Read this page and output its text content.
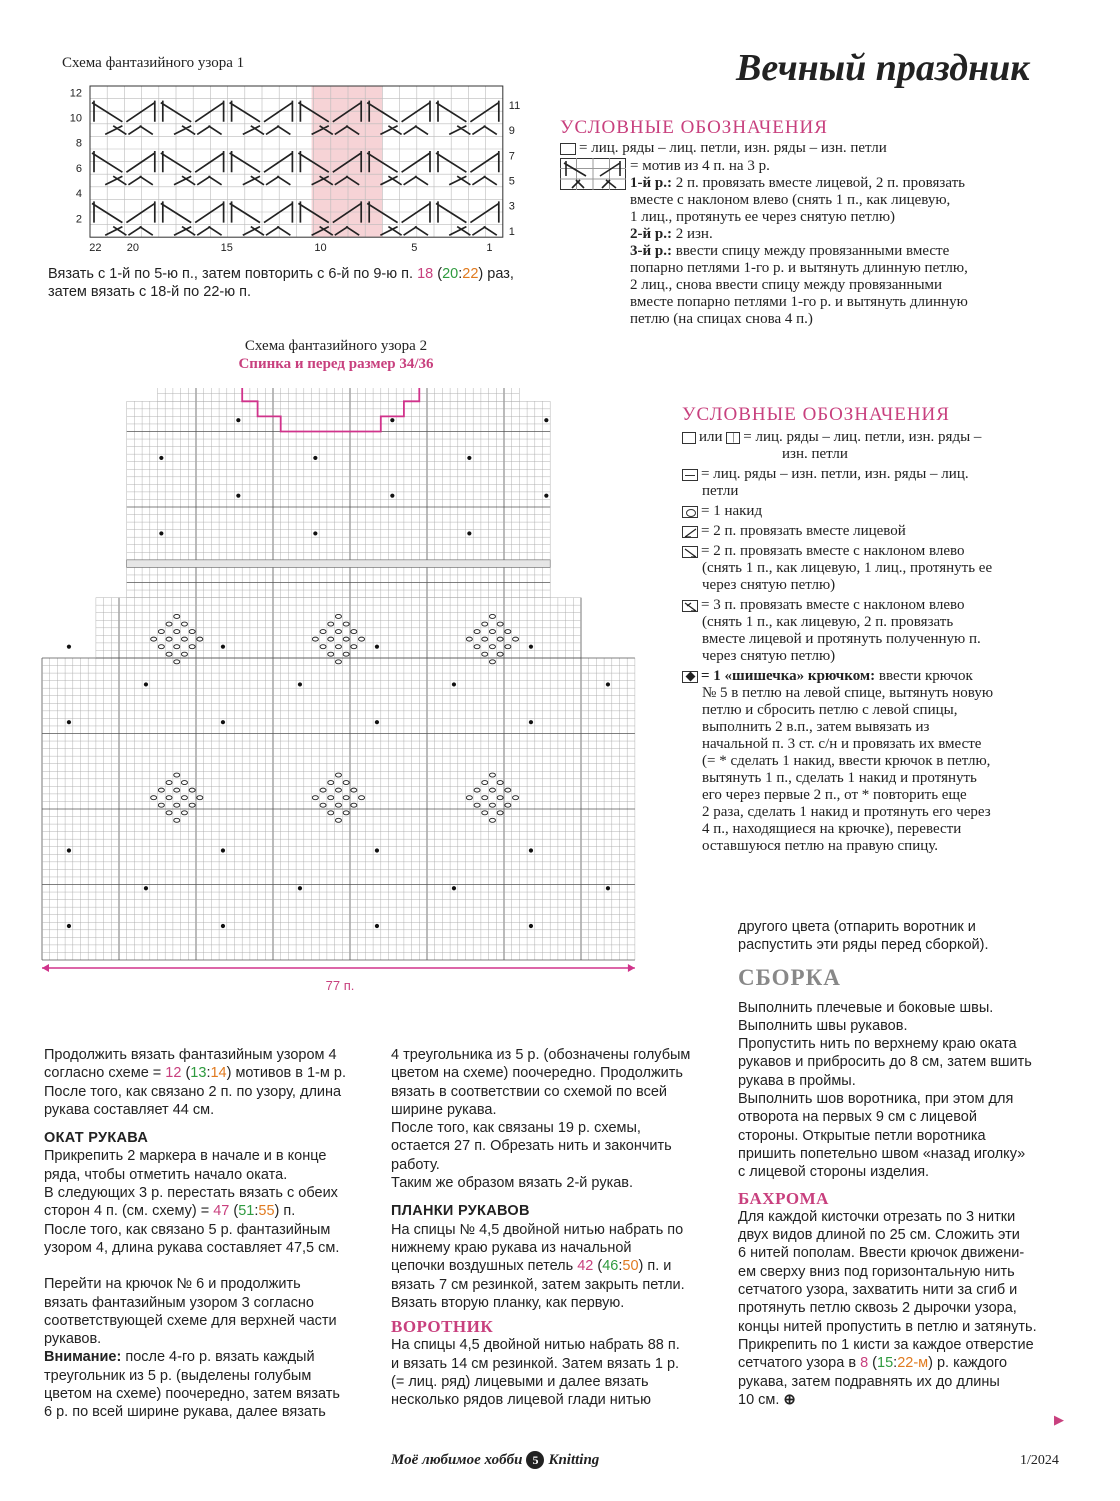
Вечный праздник
Схема фантазийного узора 1
12
10
8
6
4
2
11
9
7
5
3
1
22 20	15	10	5	1
Вязать с 1-й по 5-ю п., затем повторить с 6-й по 9-ю п. 18 (20:22) раз,
затем вязать с 18-й по 22-ю п.
УСЛОВНЫЕ ОБОЗНАЧЕНИЯ
= лиц. ряды – лиц. петли, изн. ряды – изн. петли
= мотив из 4 п. на 3 р.
1-й р.: 2 п. провязать вместе лицевой, 2 п. провязать
вместе с наклоном влево (снять 1 п., как лицевую,
1 лиц., протянуть ее через снятую петлю)
2-й р.: 2 изн.
3-й р.: ввести спицу между провязанными вместе
попарно петлями 1-го р. и вытянуть длинную петлю,
2 лиц., снова ввести спицу между провязанными
вместе попарно петлями 1-го р. и вытянуть длинную
петлю (на спицах снова 4 п.)
Схема фантазийного узора 2
Спинка и перед размер 34/36
77 п.
УСЛОВНЫЕ ОБОЗНАЧЕНИЯ
или | = лиц. ряды – лиц. петли, изн. ряды –
изн. петли
= лиц. ряды – изн. петли, изн. ряды – лиц.
петли
= 1 накид
= 2 п. провязать вместе лицевой
= 2 п. провязать вместе с наклоном влево
(снять 1 п., как лицевую, 1 лиц., протянуть ее
через снятую петлю)
= 3 п. провязать вместе с наклоном влево
(снять 1 п., как лицевую, 2 п. провязать
вместе лицевой и протянуть полученную п.
через снятую петлю)
= 1 «шишечка» крючком: ввести крючок
№ 5 в петлю на левой спице, вытянуть новую
петлю и сбросить петлю с левой спицы,
выполнить 2 в.п., затем вывязать из
начальной п. 3 ст. с/н и провязать их вместе
(= * сделать 1 накид, ввести крючок в петлю,
вытянуть 1 п., сделать 1 накид и протянуть
его через первые 2 п., от * повторить еще
2 раза, сделать 1 накид и протянуть его через
4 п., находящиеся на крючке), перевести
оставшуюся петлю на правую спицу.
Продолжить вязать фантазийным узором 4
согласно схеме = 12 (13:14) мотивов в 1-м р.
После того, как связано 2 п. по узору, длина
рукава составляет 44 см.
ОКАТ РУКАВА
Прикрепить 2 маркера в начале и в конце
ряда, чтобы отметить начало оката.
В следующих 3 р. перестать вязать с обеих
сторон 4 п. (см. схему) = 47 (51:55) п.
После того, как связано 5 р. фантазийным
узором 4, длина рукава составляет 47,5 см.
Перейти на крючок № 6 и продолжить
вязать фантазийным узором 3 согласно
соответствующей схеме для верхней части
рукавов.
Внимание: после 4-го р. вязать каждый
треугольник из 5 р. (выделены голубым
цветом на схеме) поочередно, затем вязать
6 р. по всей ширине рукава, далее вязать
4 треугольника из 5 р. (обозначены голубым
цветом на схеме) поочередно. Продолжить
вязать в соответствии со схемой по всей
ширине рукава.
После того, как связаны 19 р. схемы,
остается 27 п. Обрезать нить и закончить
работу.
Таким же образом вязать 2-й рукав.
ПЛАНКИ РУКАВОВ
На спицы № 4,5 двойной нитью набрать по
нижнему краю рукава из начальной
цепочки воздушных петель 42 (46:50) п. и
вязать 7 см резинкой, затем закрыть петли.
Вязать вторую планку, как первую.
ВОРОТНИК
На спицы 4,5 двойной нитью набрать 88 п.
и вязать 14 см резинкой. Затем вязать 1 р.
(= лиц. ряд) лицевыми и далее вязать
несколько рядов лицевой глади нитью
другого цвета (отпарить воротник и
распустить эти ряды перед сборкой).
СБОРКА
Выполнить плечевые и боковые швы.
Выполнить швы рукавов.
Пропустить нить по верхнему краю оката
рукавов и прибросить до 8 см, затем вшить
рукава в проймы.
Выполнить шов воротника, при этом для
отворота на первых 9 см с лицевой
стороны. Открытые петли воротника
пришить попетельно швом «назад иголку»
с лицевой стороны изделия.
БАХРОМА
Для каждой кисточки отрезать по 3 нитки
двух видов длиной по 25 см. Сложить эти
6 нитей пополам. Ввести крючок движени-
ем сверху вниз под горизонтальную нить
сетчатого узора, захватить нити за сгиб и
протянуть петлю сквозь 2 дырочки узора,
концы нитей пропустить в петлю и затянуть.
Прикрепить по 1 кисти за каждое отверстие
сетчатого узора в 8 (15:22-м) р. каждого
рукава, затем подравнять их до длины
10 см. ⊕
▶
Моё любимое хобби 5 Knitting	1/2024
